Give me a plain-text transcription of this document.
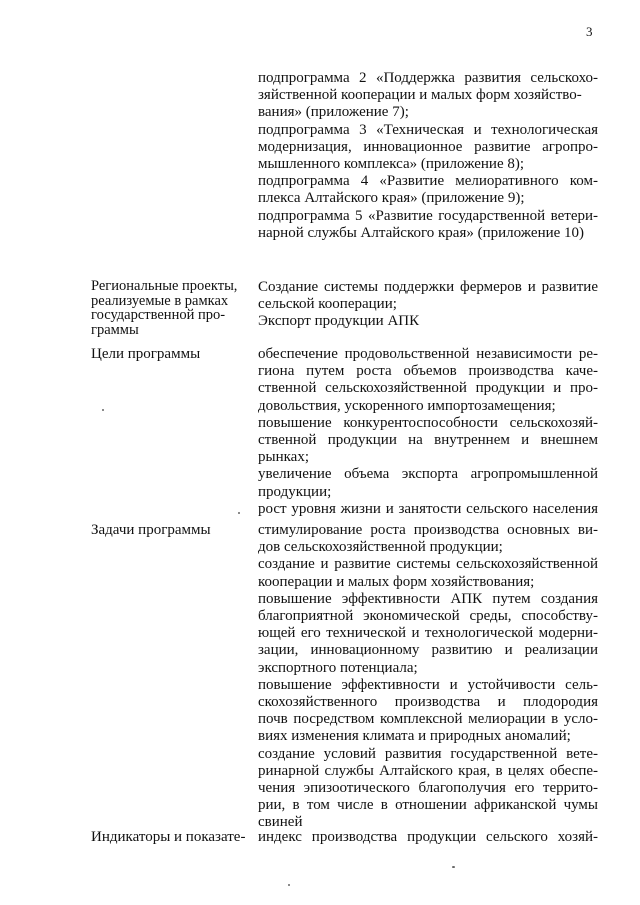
3
подпрограмма 2 «Поддержка развития сельскохо-
зяйственной кооперации и малых форм хозяйство-
вания» (приложение 7);
подпрограмма 3 «Техническая и технологическая
модернизация, инновационное развитие агропро-
мышленного комплекса» (приложение 8);
подпрограмма 4 «Развитие мелиоративного ком-
плекса Алтайского края» (приложение 9);
подпрограмма 5 «Развитие государственной ветери-
нарной службы Алтайского края» (приложение 10)
Региональные проекты,
реализуемые в рамках
государственной про-
граммы
Создание системы поддержки фермеров и развитие
сельской кооперации;
Экспорт продукции АПК
Цели программы	обеспечение продовольственной независимости ре-
гиона путем роста объемов производства каче-
ственной сельскохозяйственной продукции и про-
довольствия, ускоренного импортозамещения;
повышение конкурентоспособности сельскохозяй-
ственной продукции на внутреннем и внешнем
рынках;
увеличение объема экспорта агропромышленной
продукции;
рост уровня жизни и занятости сельского населения
Задачи программы	стимулирование роста производства основных ви-
дов сельскохозяйственной продукции;
создание и развитие системы сельскохозяйственной
кооперации и малых форм хозяйствования;
повышение эффективности АПК путем создания
благоприятной экономической среды, способству-
ющей его технической и технологической модерни-
зации, инновационному развитию и реализации
экспортного потенциала;
повышение эффективности и устойчивости сель-
скохозяйственного производства и плодородия
почв посредством комплексной мелиорации в усло-
виях изменения климата и природных аномалий;
создание условий развития государственной вете-
ринарной службы Алтайского края, в целях обеспе-
чения эпизоотического благополучия его террито-
рии, в том числе в отношении африканской чумы
свиней
Индикаторы и показате- индекс производства продукции сельского хозяй-
